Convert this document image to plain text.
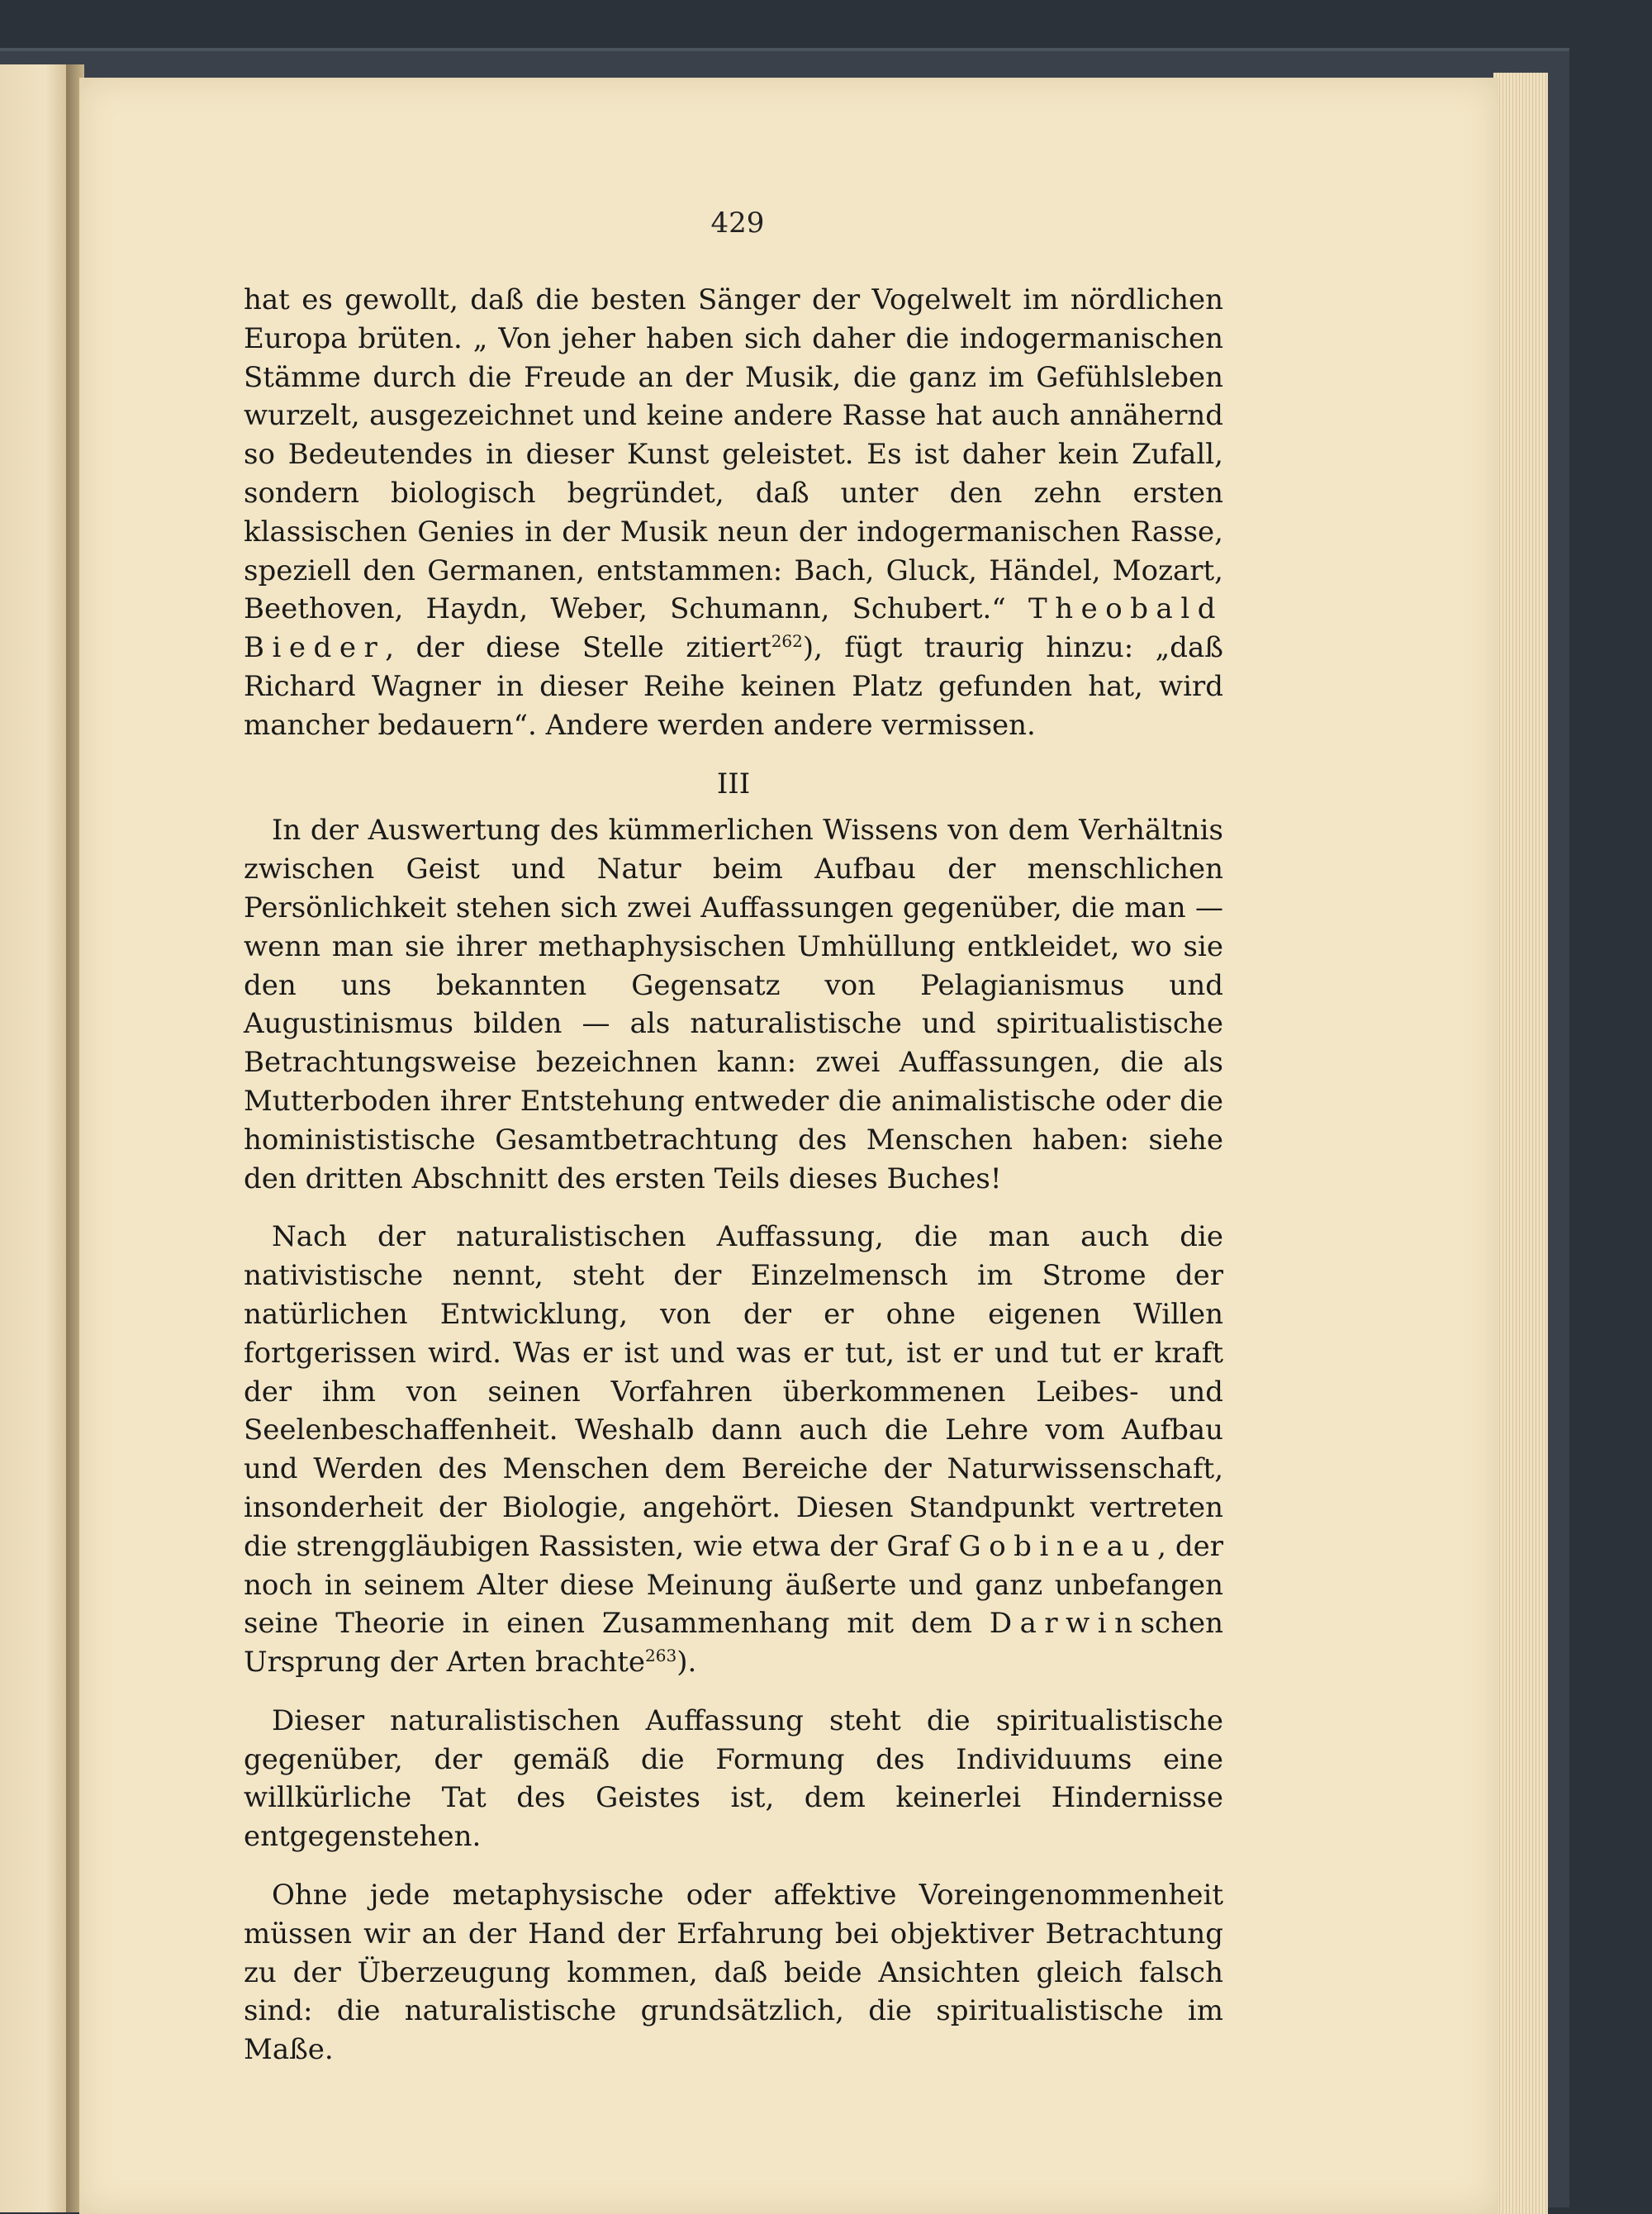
429

hat es gewollt, daß die besten Sänger der Vogelwelt im nördlichen Europa brüten. „ Von jeher haben sich daher die indogermanischen Stämme durch die Freude an der Musik, die ganz im Gefühlsleben wurzelt, ausgezeichnet und keine andere Rasse hat auch annähernd so Bedeutendes in dieser Kunst geleistet. Es ist daher kein Zufall, sondern biologisch begründet, daß unter den zehn ersten klassischen Genies in der Musik neun der indogermanischen Rasse, speziell den Germanen, entstammen: Bach, Gluck, Händel, Mozart, Beethoven, Haydn, Weber, Schumann, Schubert.“ Theobald Bieder, der diese Stelle zitiert$^{262}$), fügt traurig hinzu: „daß Richard Wagner in dieser Reihe keinen Platz gefunden hat, wird mancher bedauern“. Andere werden andere vermissen.

III

In der Auswertung des kümmerlichen Wissens von dem Verhältnis zwischen Geist und Natur beim Aufbau der menschlichen Persönlichkeit stehen sich zwei Auffassungen gegenüber, die man — wenn man sie ihrer methaphysischen Umhüllung entkleidet, wo sie den uns bekannten Gegensatz von Pelagianismus und Augustinismus bilden — als naturalistische und spiritualistische Betrachtungsweise bezeichnen kann: zwei Auffassungen, die als Mutterboden ihrer Entstehung entweder die animalistische oder die hominististische Gesamtbetrachtung des Menschen haben: siehe den dritten Abschnitt des ersten Teils dieses Buches!

Nach der naturalistischen Auffassung, die man auch die nativistische nennt, steht der Einzelmensch im Strome der natürlichen Entwicklung, von der er ohne eigenen Willen fortgerissen wird. Was er ist und was er tut, ist er und tut er kraft der ihm von seinen Vorfahren überkommenen Leibes- und Seelenbeschaffenheit. Weshalb dann auch die Lehre vom Aufbau und Werden des Menschen dem Bereiche der Naturwissenschaft, insonderheit der Biologie, angehört. Diesen Standpunkt vertreten die strenggläubigen Rassisten, wie etwa der Graf Gobineau, der noch in seinem Alter diese Meinung äußerte und ganz unbefangen seine Theorie in einen Zusammenhang mit dem Darwinschen Ursprung der Arten brachte$^{263}$).

Dieser naturalistischen Auffassung steht die spiritualistische gegenüber, der gemäß die Formung des Individuums eine willkürliche Tat des Geistes ist, dem keinerlei Hindernisse entgegenstehen.

Ohne jede metaphysische oder affektive Voreingenommenheit müssen wir an der Hand der Erfahrung bei objektiver Betrachtung zu der Überzeugung kommen, daß beide Ansichten gleich falsch sind: die naturalistische grundsätzlich, die spiritualistische im Maße.
